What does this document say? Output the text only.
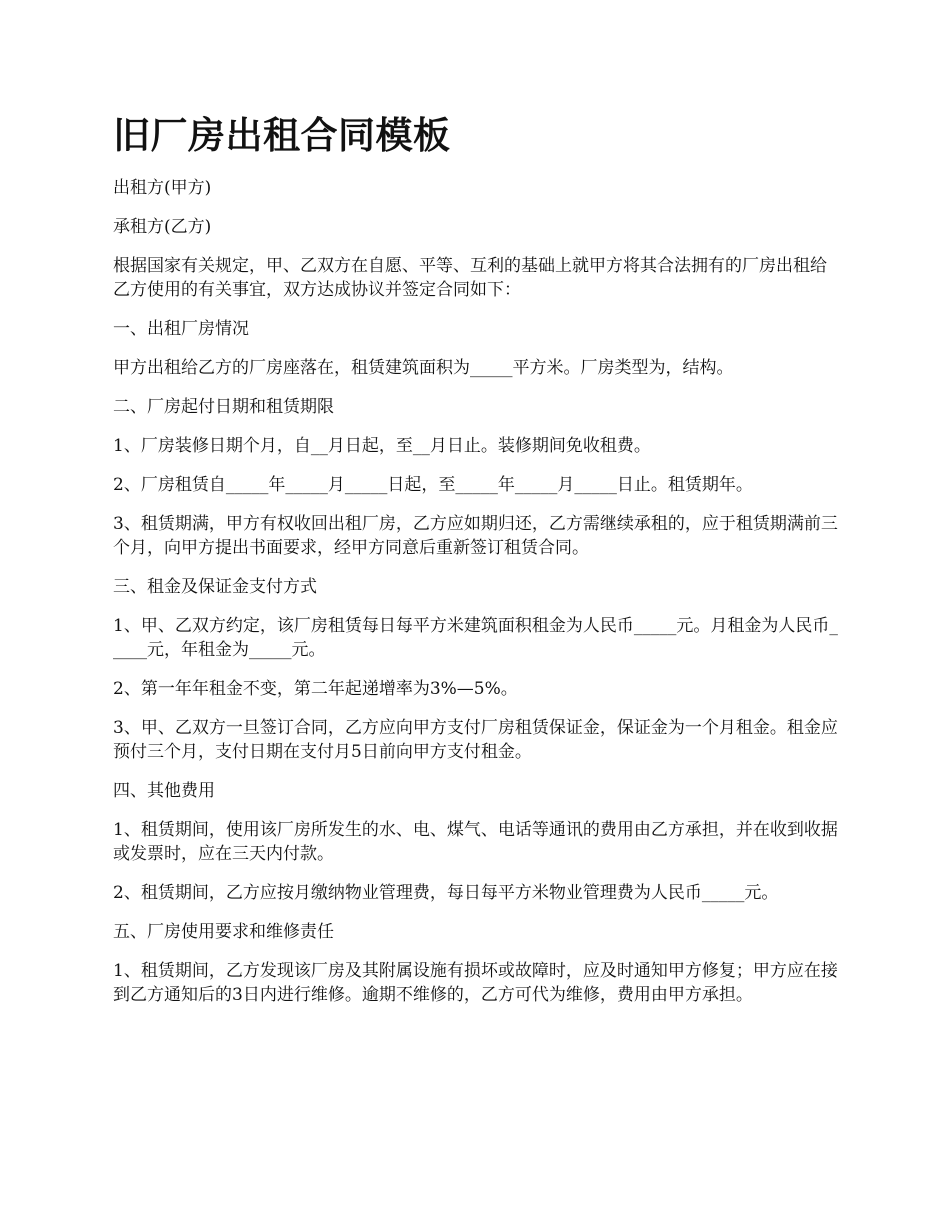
旧厂房出租合同模板

出租方(甲方)

承租方(乙方)

根据国家有关规定，甲、乙双方在自愿、平等、互利的基础上就甲方将其合法拥有的厂房出租给乙方使用的有关事宜，双方达成协议并签定合同如下：

一、出租厂房情况

甲方出租给乙方的厂房座落在，租赁建筑面积为_____平方米。厂房类型为，结构。

二、厂房起付日期和租赁期限

1、厂房装修日期个月，自__月日起，至__月日止。装修期间免收租费。

2、厂房租赁自_____年_____月_____日起，至_____年_____月_____日止。租赁期年。

3、租赁期满，甲方有权收回出租厂房，乙方应如期归还，乙方需继续承租的，应于租赁期满前三个月，向甲方提出书面要求，经甲方同意后重新签订租赁合同。

三、租金及保证金支付方式

1、甲、乙双方约定，该厂房租赁每日每平方米建筑面积租金为人民币_____元。月租金为人民币_____元，年租金为_____元。

2、第一年年租金不变，第二年起递增率为3%—5%。

3、甲、乙双方一旦签订合同，乙方应向甲方支付厂房租赁保证金，保证金为一个月租金。租金应预付三个月，支付日期在支付月5日前向甲方支付租金。

四、其他费用

1、租赁期间，使用该厂房所发生的水、电、煤气、电话等通讯的费用由乙方承担，并在收到收据或发票时，应在三天内付款。

2、租赁期间，乙方应按月缴纳物业管理费，每日每平方米物业管理费为人民币_____元。

五、厂房使用要求和维修责任

1、租赁期间，乙方发现该厂房及其附属设施有损坏或故障时，应及时通知甲方修复；甲方应在接到乙方通知后的3日内进行维修。逾期不维修的，乙方可代为维修，费用由甲方承担。
